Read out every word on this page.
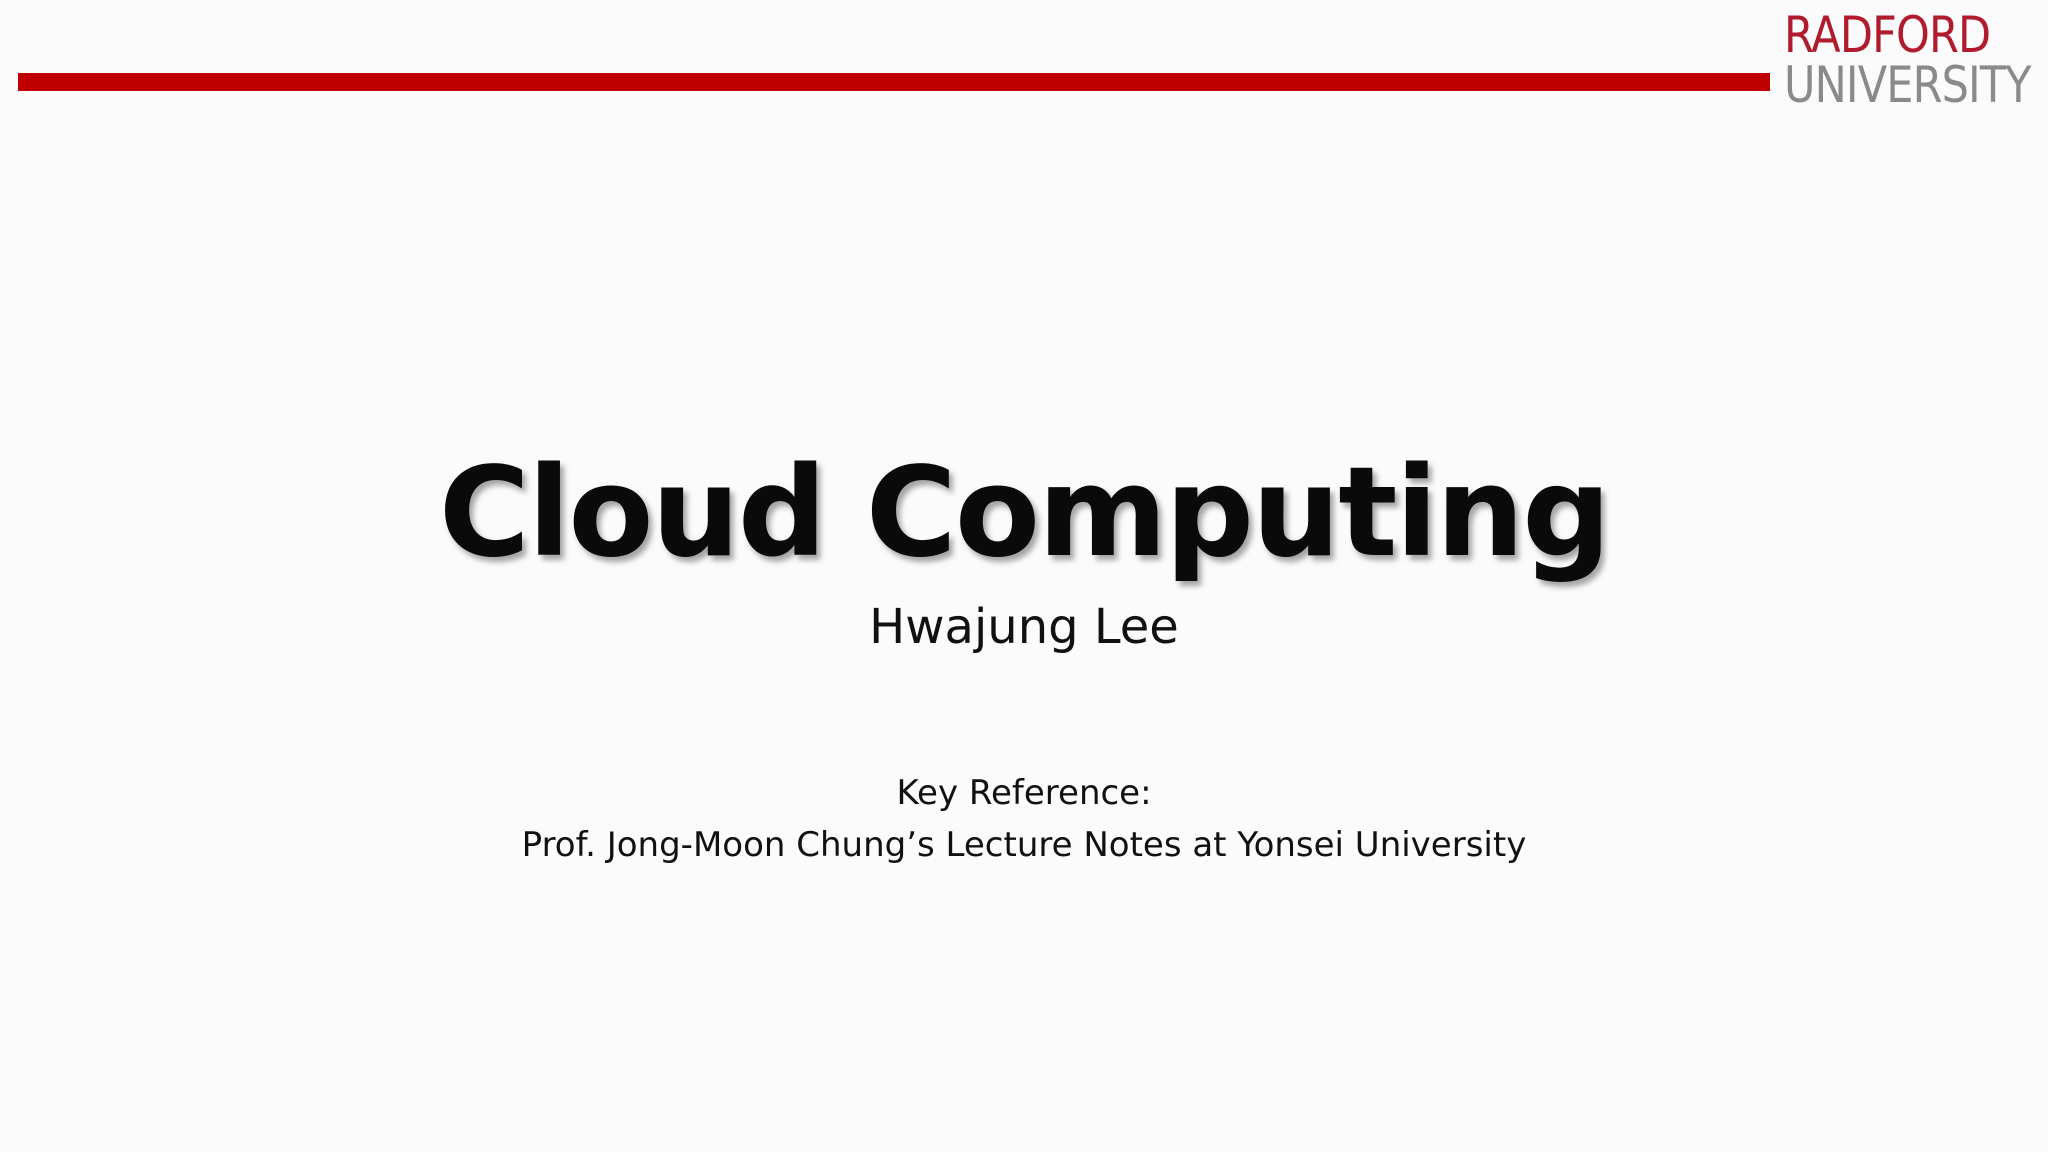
RADFORD
UNIVERSITY
Cloud Computing
Hwajung Lee
Key Reference:
Prof. Jong-Moon Chung’s Lecture Notes at Yonsei University
